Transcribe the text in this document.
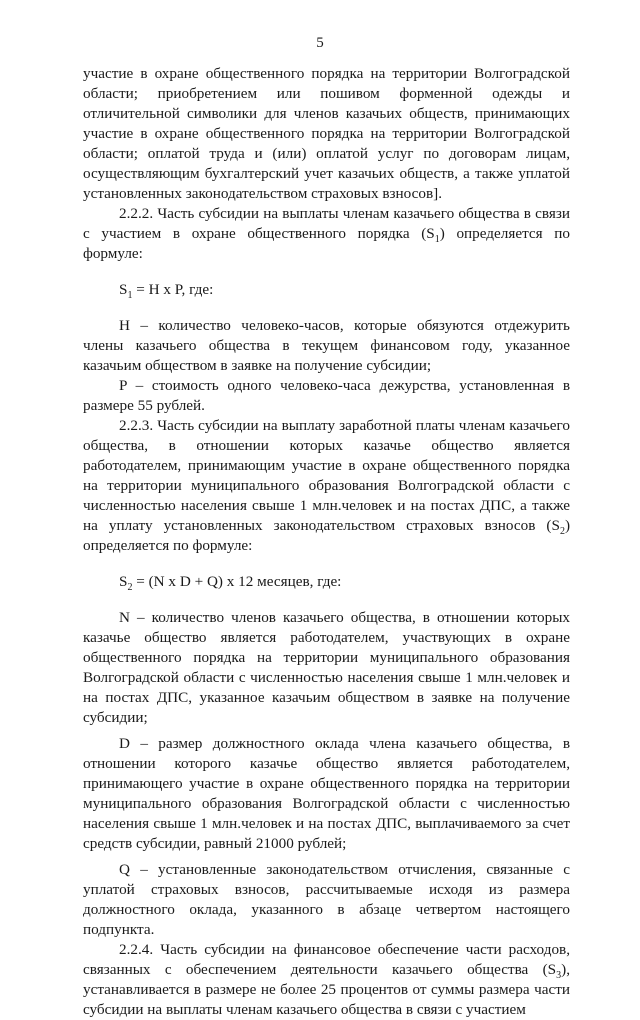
5

участие в охране общественного порядка на территории Волгоградской области; приобретением или пошивом форменной одежды и отличительной символики для членов казачьих обществ, принимающих участие в охране общественного порядка на территории Волгоградской области; оплатой труда и (или) оплатой услуг по договорам лицам, осуществляющим бухгалтерский учет казачьих обществ, а также уплатой установленных законодательством страховых взносов].

2.2.2. Часть субсидии на выплаты членам казачьего общества в связи с участием в охране общественного порядка $(S_1)$ определяется по формуле:

$S_1 = H$ x P, где:

H – количество человеко-часов, которые обязуются отдежурить члены казачьего общества в текущем финансовом году, указанное казачьим обществом в заявке на получение субсидии;

P – стоимость одного человеко-часа дежурства, установленная в размере 55 рублей.

2.2.3. Часть субсидии на выплату заработной платы членам казачьего общества, в отношении которых казачье общество является работодателем, принимающим участие в охране общественного порядка на территории муниципального образования Волгоградской области с численностью населения свыше 1 млн.человек и на постах ДПС, а также на уплату установленных законодательством страховых взносов $(S_2)$ определяется по формуле:

$S_2 = (N$ x D + Q) x 12 месяцев, где:

N – количество членов казачьего общества, в отношении которых казачье общество является работодателем, участвующих в охране общественного порядка на территории муниципального образования Волгоградской области с численностью населения свыше 1 млн.человек и на постах ДПС, указанное казачьим обществом в заявке на получение субсидии;

D – размер должностного оклада члена казачьего общества, в отношении которого казачье общество является работодателем, принимающего участие в охране общественного порядка на территории муниципального образования Волгоградской области с численностью населения свыше 1 млн.человек и на постах ДПС, выплачиваемого за счет средств субсидии, равный 21000 рублей;

Q – установленные законодательством отчисления, связанные с уплатой страховых взносов, рассчитываемые исходя из размера должностного оклада, указанного в абзаце четвертом настоящего подпункта.

2.2.4. Часть субсидии на финансовое обеспечение части расходов, связанных с обеспечением деятельности казачьего общества $(S_3)$, устанавливается в размере не более 25 процентов от суммы размера части субсидии на выплаты членам казачьего общества в связи с участием
